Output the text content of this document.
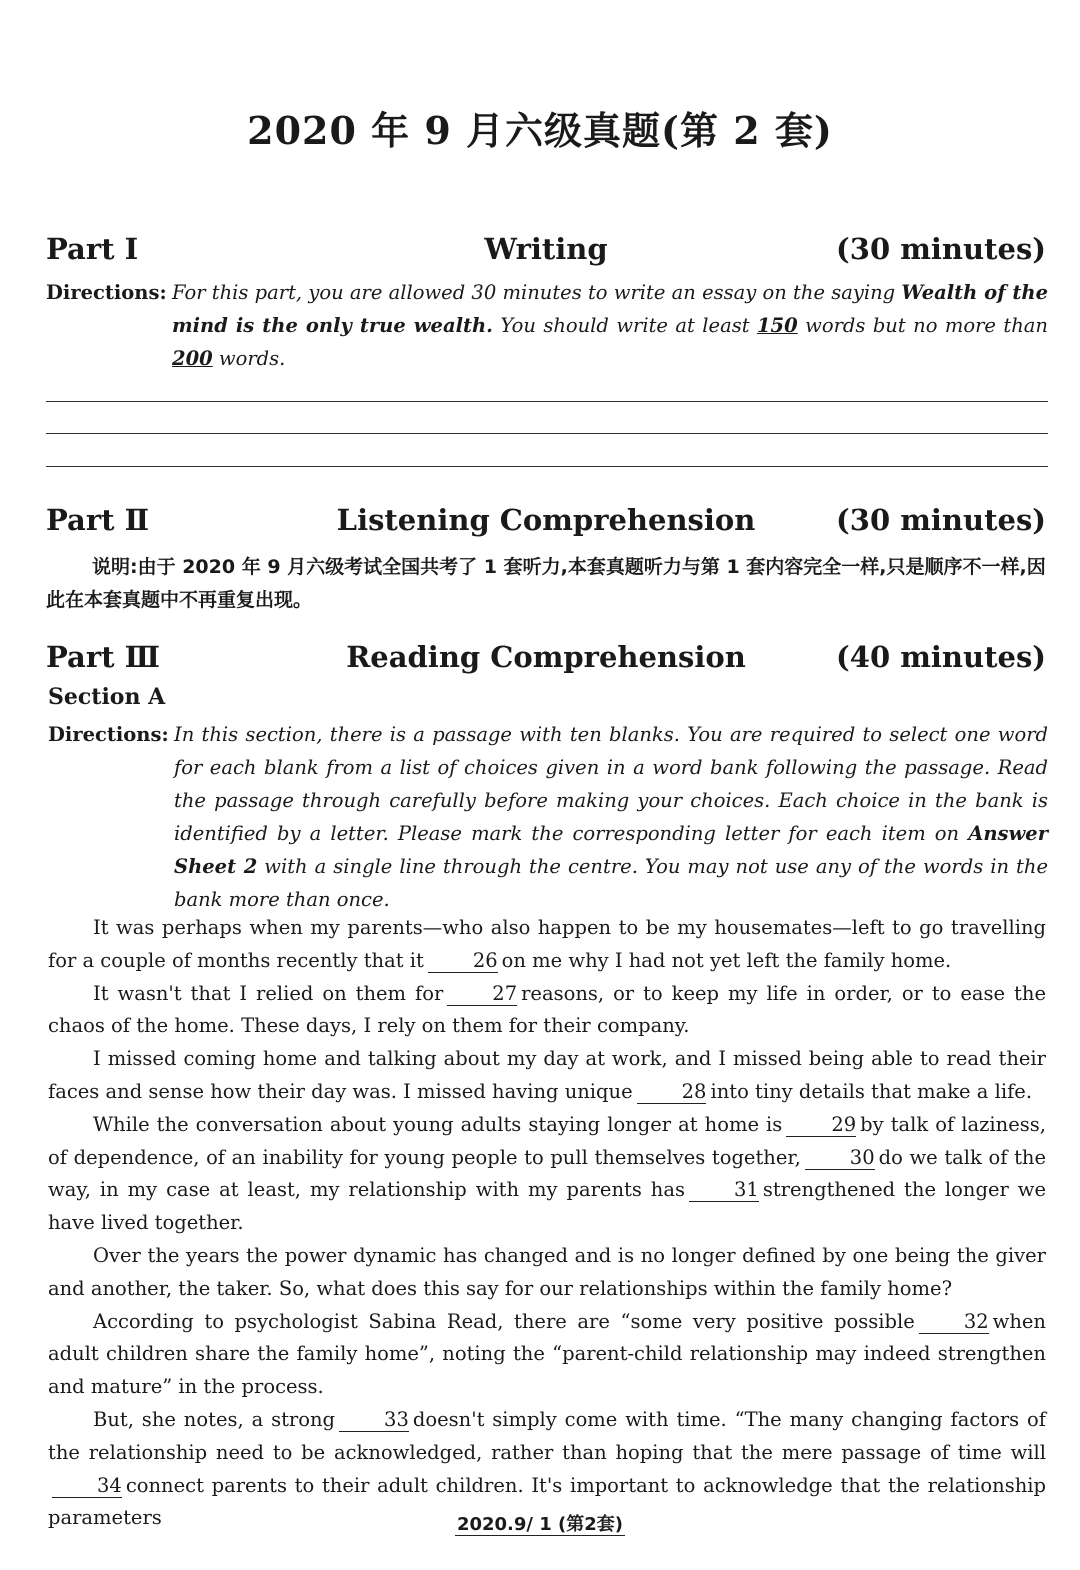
2020 年 9 月六级真题(第 2 套)
Part Ⅰ	Writing	(30 minutes)
Directions: For this part, you are allowed 30 minutes to write an essay on the saying Wealth of the mind is the only true wealth. You should write at least 150 words but no more than 200 words.
Part Ⅱ	Listening Comprehension	(30 minutes)
说明:由于 2020 年 9 月六级考试全国共考了 1 套听力,本套真题听力与第 1 套内容完全一样,只是顺序不一样,因此在本套真题中不再重复出现。
Part Ⅲ	Reading Comprehension	(40 minutes)
Section A
Directions: In this section, there is a passage with ten blanks. You are required to select one word for each blank from a list of choices given in a word bank following the passage. Read the passage through carefully before making your choices. Each choice in the bank is identified by a letter. Please mark the corresponding letter for each item on Answer Sheet 2 with a single line through the centre. You may not use any of the words in the bank more than once.

It was perhaps when my parents—who also happen to be my housemates—left to go travelling for a couple of months recently that it	26 on me why I had not yet left the family home.

It wasn't that I relied on them for	27 reasons, or to keep my life in order, or to ease the chaos of the home. These days, I rely on them for their company.

I missed coming home and talking about my day at work, and I missed being able to read their faces and sense how their day was. I missed having unique	28 into tiny details that make a life.

While the conversation about young adults staying longer at home is	29 by talk of laziness, of dependence, of an inability for young people to pull themselves together,	30 do we talk of the way, in my case at least, my relationship with my parents has	31 strengthened the longer we have lived together.

Over the years the power dynamic has changed and is no longer defined by one being the giver and another, the taker. So, what does this say for our relationships within the family home?

According to psychologist Sabina Read, there are “some very positive possible	32 when adult children share the family home”, noting the “parent-child relationship may indeed strengthen and mature” in the process.

But, she notes, a strong	33 doesn't simply come with time. “The many changing factors of the relationship need to be acknowledged, rather than hoping that the mere passage of time will34 connect parents to their adult children. It's important to acknowledge that the relationship parameters	2020.9/ 1 (第2套)
